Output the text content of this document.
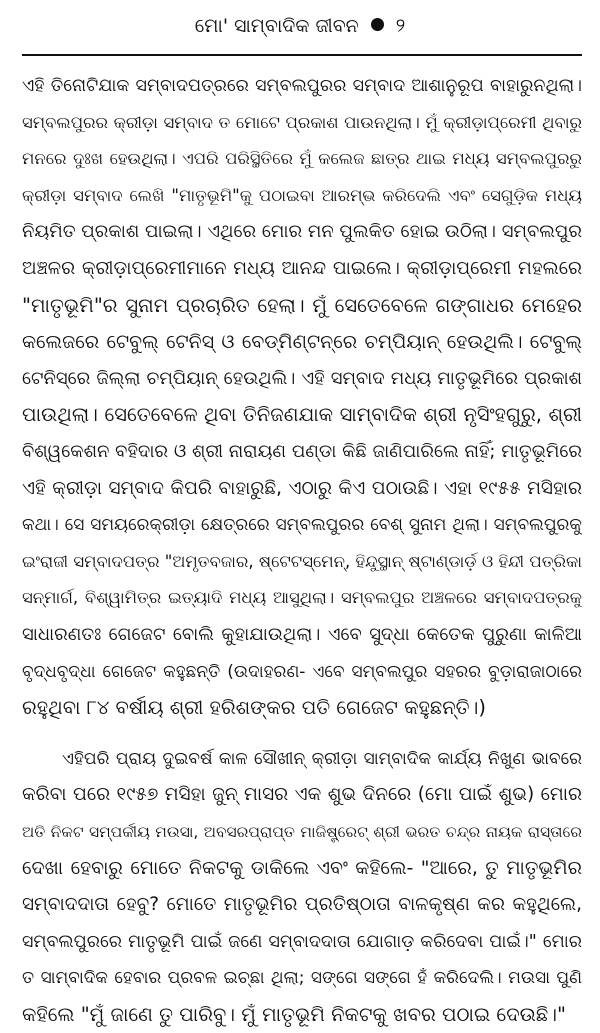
ମୋ' ସାମ୍ବାଦିକ ଜୀବନ ୨
ଏହି ତିନୋଟିଯାକ ସମ୍ବାଦପତ୍ରରେ ସମ୍ବଲପୁରର ସମ୍ବାଦ ଆଶାନୁରୂପ ବାହାରୁନଥିଲା।
ସମ୍ବଲପୁରର କ୍ରୀଡ଼ା ସମ୍ବାଦ ତ ମୋଟେ ପ୍ରକାଶ ପାଉନଥିଲା। ମୁଁ କ୍ରୀଡ଼ାପ୍ରେମୀ ଥିବାରୁ
ମନରେ ଦୁଃଖ ହେଉଥିଲା। ଏପରି ପରିସ୍ଥିତିରେ ମୁଁ କଲେଜ ଛାତ୍ର ଥାଇ ମଧ୍ୟ ସମ୍ବଲପୁରରୁ
କ୍ରୀଡ଼ା ସମ୍ବାଦ ଲେଖି "ମାତୃଭୂମି"କୁ ପଠାଇବା ଆରମ୍ଭ କରିଦେଲି ଏବଂ ସେଗୁଡ଼ିକ ମଧ୍ୟ
ନିୟମିତ ପ୍ରକାଶ ପାଇଲା। ଏଥିରେ ମୋର ମନ ପୁଲକିତ ହୋଇ ଉଠିଲା। ସମ୍ବଲପୁର
ଅଞ୍ଚଳର କ୍ରୀଡ଼ାପ୍ରେମୀମାନେ ମଧ୍ୟ ଆନନ୍ଦ ପାଇଲେ। କ୍ରୀଡ଼ାପ୍ରେମୀ ମହଲରେ
"ମାତୃଭୂମି"ର ସୁନାମ ପ୍ରଚାରିତ ହେଲା। ମୁଁ ସେତେବେଳେ ଗଙ୍ଗାଧର ମେହେର
କଲେଜରେ ଟେବୁଲ୍ ଟେନିସ୍ ଓ ବେଡ୍‌ମିଣ୍ଟନ୍‌ରେ ଚମ୍ପିୟାନ୍ ହେଉଥିଲି। ଟେବୁଲ୍
ଟେନିସ୍‌ରେ ଜିଲ୍ଲା ଚମ୍ପିୟାନ୍ ହେଉଥିଲି। ଏହି ସମ୍ବାଦ ମଧ୍ୟ ମାତୃଭୂମିରେ ପ୍ରକାଶ
ପାଉଥିଲା। ସେତେବେଳେ ଥିବା ତିନିଜଣଯାକ ସାମ୍ବାଦିକ ଶ୍ରୀ ନୃସିଂହଗୁରୁ, ଶ୍ରୀ
ବିଶ୍ୱକେଶନ ବହିଦାର ଓ ଶ୍ରୀ ନାରାୟଣ ପଣ୍ଡା କିଛି ଜାଣିପାରିଲେ ନାହିଁ; ମାତୃଭୂମିରେ
ଏହି କ୍ରୀଡ଼ା ସମ୍ବାଦ କିପରି ବାହାରୁଛି, ଏଠାରୁ କିଏ ପଠାଉଛି। ଏହା ୧୯୫୫ ମସିହାର
କଥା। ସେ ସମୟରେକ୍ରୀଡ଼ା କ୍ଷେତ୍ରରେ ସମ୍ବଲପୁରର ବେଶ୍ ସୁନାମ ଥିଲା। ସମ୍ବଲପୁରକୁ
ଇଂରାଜୀ ସମ୍ବାଦପତ୍ର "ଅମୃତବଜାର, ଷ୍ଟେଟସ୍‌ମେନ୍, ହିନ୍ଦୁସ୍ଥାନ୍ ଷ୍ଟାଣ୍ଡାର୍ଡ଼ ଓ ହିନ୍ଦୀ ପତ୍ରିକା
ସନ୍‌ମାର୍ଗ, ବିଶ୍ୱାମିତ୍ର ଇତ୍ୟାଦି ମଧ୍ୟ ଆସୁଥିଲା। ସମ୍ବଲପୁର ଅଞ୍ଚଳରେ ସମ୍ବାଦପତ୍ରକୁ
ସାଧାରଣତଃ ଗେଜେଟ ବୋଲି କୁହାଯାଉଥିଲା। ଏବେ ସୁଦ୍ଧା କେତେକ ପୁରୁଣା କାଳିଆ
ବୃଦ୍ଧବୃଦ୍ଧା ଗେଜେଟ କହୁଛନ୍ତି (ଉଦାହରଣ- ଏବେ ସମ୍ବଲପୁର ସହରର ବୁଡ଼ାରାଜାଠାରେ
ରହୁଥିବା ୮୪ ବର୍ଷୀୟ ଶ୍ରୀ ହରିଶଙ୍କର ପତି ଗେଜେଟ କହୁଛନ୍ତି।)
ଏହିପରି ପ୍ରାୟ ଦୁଇବର୍ଷ କାଳ ସୌଖୀନ୍ କ୍ରୀଡ଼ା ସାମ୍ବାଦିକ କାର୍ଯ୍ୟ ନିଖୁଣ ଭାବରେ
କରିବା ପରେ ୧୯୫୭ ମସିହା ଜୁନ୍ ମାସର ଏକ ଶୁଭ ଦିନରେ (ମୋ ପାଇଁ ଶୁଭ) ମୋର
ଅତି ନିକଟ ସମ୍ପର୍କୀୟ ମଉସା, ଅବସରପ୍ରାପ୍ତ ମାଜିଷ୍ଟ୍ରେଟ୍ ଶ୍ରୀ ଭରତ ଚନ୍ଦ୍ର ନାୟକ ରାସ୍ତାରେ
ଦେଖା ହେବାରୁ ମୋତେ ନିକଟକୁ ଡାକିଲେ ଏବଂ କହିଲେ- "ଆରେ, ତୁ ମାତୃଭୂମିର
ସମ୍ବାଦଦାତା ହେବୁ? ମୋତେ ମାତୃଭୂମିର ପ୍ରତିଷ୍ଠାତା ବାଳକୃଷ୍ଣ କର କହୁଥିଲେ,
ସମ୍ବଲପୁରରେ ମାତୃଭୂମି ପାଇଁ ଜଣେ ସମ୍ବାଦଦାତା ଯୋଗାଡ଼ କରିଦେବା ପାଇଁ।" ମୋର
ତ ସାମ୍ବାଦିକ ହେବାର ପ୍ରବଳ ଇଚ୍ଛା ଥିଲା; ସଙ୍ଗେ ସଙ୍ଗେ ହଁ କରିଦେଲି। ମଉସା ପୁଣି
କହିଲେ "ମୁଁ ଜାଣେ ତୁ ପାରିବୁ। ମୁଁ ମାତୃଭୂମି ନିକଟକୁ ଖବର ପଠାଇ ଦେଉଛି।"
